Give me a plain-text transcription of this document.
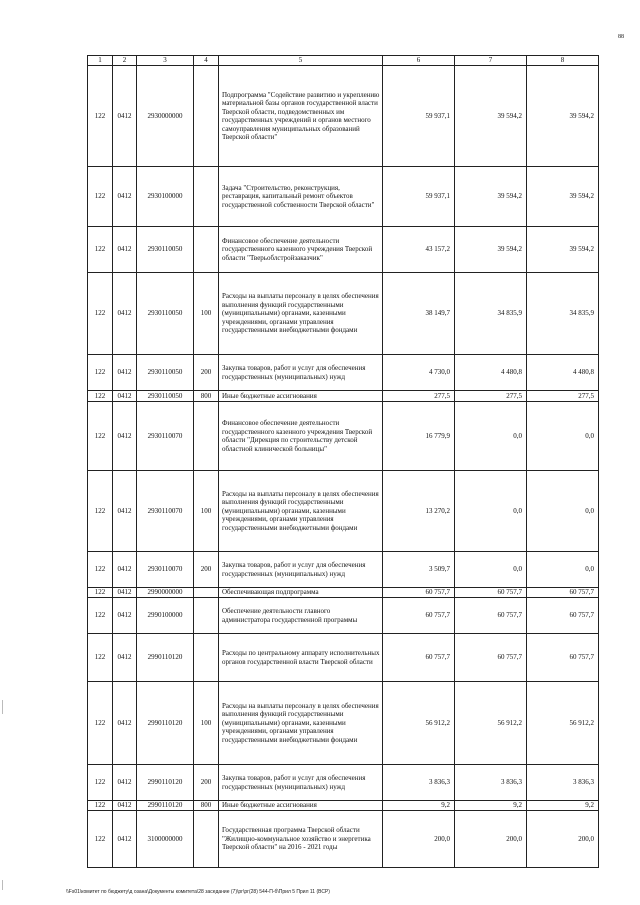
88
1	2	3	4	5	6	7	8
122	0412	2930000000		Подпрограмма "Содействие развитию и укреплению материальной базы органов государственной власти Тверской области, подведомственных им государственных учреждений и органов местного самоуправления муниципальных образований Тверской области"	59 937,1	39 594,2	39 594,2
122	0412	2930100000		Задача "Строительство, реконструкция, реставрация, капитальный ремонт объектов государственной собственности Тверской области"	59 937,1	39 594,2	39 594,2
122	0412	2930110050		Финансовое обеспечение деятельности государственного казенного учреждения Тверской области "Тверьоблстройзаказчик"	43 157,2	39 594,2	39 594,2
122	0412	2930110050	100	Расходы на выплаты персоналу в целях обеспечения выполнения функций государственными (муниципальными) органами, казенными учреждениями, органами управления государственными внебюджетными фондами	38 149,7	34 835,9	34 835,9
122	0412	2930110050	200	Закупка товаров, работ и услуг для обеспечения государственных (муниципальных) нужд	4 730,0	4 480,8	4 480,8
122	0412	2930110050	800	Иные бюджетные ассигнования	277,5	277,5	277,5
122	0412	2930110070		Финансовое обеспечение деятельности государственного казенного учреждения Тверской области "Дирекция по строительству детской областной клинической больницы"	16 779,9	0,0	0,0
122	0412	2930110070	100	Расходы на выплаты персоналу в целях обеспечения выполнения функций государственными (муниципальными) органами, казенными учреждениями, органами управления государственными внебюджетными фондами	13 270,2	0,0	0,0
122	0412	2930110070	200	Закупка товаров, работ и услуг для обеспечения государственных (муниципальных) нужд	3 509,7	0,0	0,0
122	0412	2990000000		Обеспечивающая подпрограмма	60 757,7	60 757,7	60 757,7
122	0412	2990100000		Обеспечение деятельности главного администратора государственной программы	60 757,7	60 757,7	60 757,7
122	0412	2990110120		Расходы по центральному аппарату исполнительных органов государственной власти Тверской области	60 757,7	60 757,7	60 757,7
122	0412	2990110120	100	Расходы на выплаты персоналу в целях обеспечения выполнения функций государственными (муниципальными) органами, казенными учреждениями, органами управления государственными внебюджетными фондами	56 912,2	56 912,2	56 912,2
122	0412	2990110120	200	Закупка товаров, работ и услуг для обеспечения государственных (муниципальных) нужд	3 836,3	3 836,3	3 836,3
122	0412	2990110120	800	Иные бюджетные ассигнования	9,2	9,2	9,2
122	0412	3100000000		Государственная программа Тверской области "Жилищно-коммунальное хозяйство и энергетика Тверской области" на 2016 - 2021 годы	200,0	200,0	200,0
\\Fs01\комитет по бюджету\д озана\Документы комитета\28 заседание (7)\рг\рг(28) 544-П-б\Прил 5 Прил 11 (ВСР)
